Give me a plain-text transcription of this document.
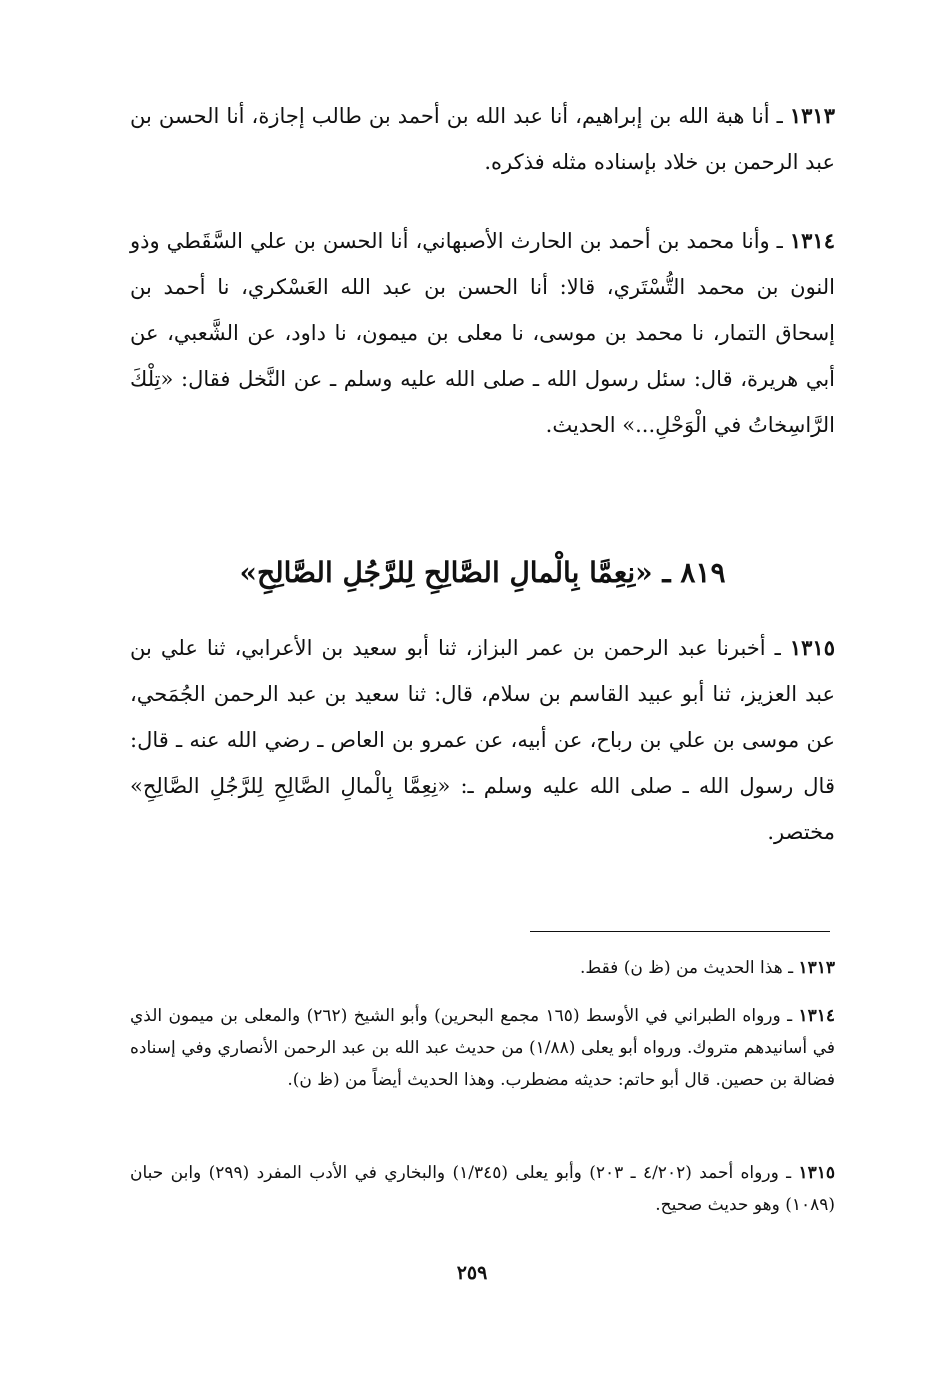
١٣١٣ ـ أنا هبة الله بن إبراهيم، أنا عبد الله بن أحمد بن طالب إجازة، أنا الحسن بن عبد الرحمن بن خلاد بإسناده مثله فذكره.

١٣١٤ ـ وأنا محمد بن أحمد بن الحارث الأصبهاني، أنا الحسن بن علي السَّقَطي وذو النون بن محمد التُّسْتَري، قالا: أنا الحسن بن عبد الله العَسْكري، نا أحمد بن إسحاق التمار، نا محمد بن موسى، نا معلى بن ميمون، نا داود، عن الشَّعبي، عن أبي هريرة، قال: سئل رسول الله ـ صلى الله عليه وسلم ـ عن النَّخل فقال: «تِلْكَ الرَّاسِخاتُ في الْوَحْلِ...» الحديث.

٨١٩ ـ «نِعِمَّا بِالْمالِ الصَّالِحِ لِلرَّجُلِ الصَّالِحِ»

١٣١٥ ـ أخبرنا عبد الرحمن بن عمر البزاز، ثنا أبو سعيد بن الأعرابي، ثنا علي بن عبد العزيز، ثنا أبو عبيد القاسم بن سلام، قال: ثنا سعيد بن عبد الرحمن الجُمَحي، عن موسى بن علي بن رباح، عن أبيه، عن عمرو بن العاص ـ رضي الله عنه ـ قال: قال رسول الله ـ صلى الله عليه وسلم ـ: «نِعِمَّا بِالْمالِ الصَّالِحِ لِلرَّجُلِ الصَّالِحِ» مختصر.

١٣١٣ ـ هذا الحديث من (ظ ن) فقط.

١٣١٤ ـ ورواه الطبراني في الأوسط (١٦٥ مجمع البحرين) وأبو الشيخ (٢٦٢) والمعلى بن ميمون الذي في أسانيدهم متروك. ورواه أبو يعلى (١/٨٨) من حديث عبد الله بن عبد الرحمن الأنصاري وفي إسناده فضالة بن حصين. قال أبو حاتم: حديثه مضطرب. وهذا الحديث أيضاً من (ظ ن).

١٣١٥ ـ ورواه أحمد (٤/٢٠٢ ـ ٢٠٣) وأبو يعلى (١/٣٤٥) والبخاري في الأدب المفرد (٢٩٩) وابن حبان (١٠٨٩) وهو حديث صحيح.

٢٥٩
